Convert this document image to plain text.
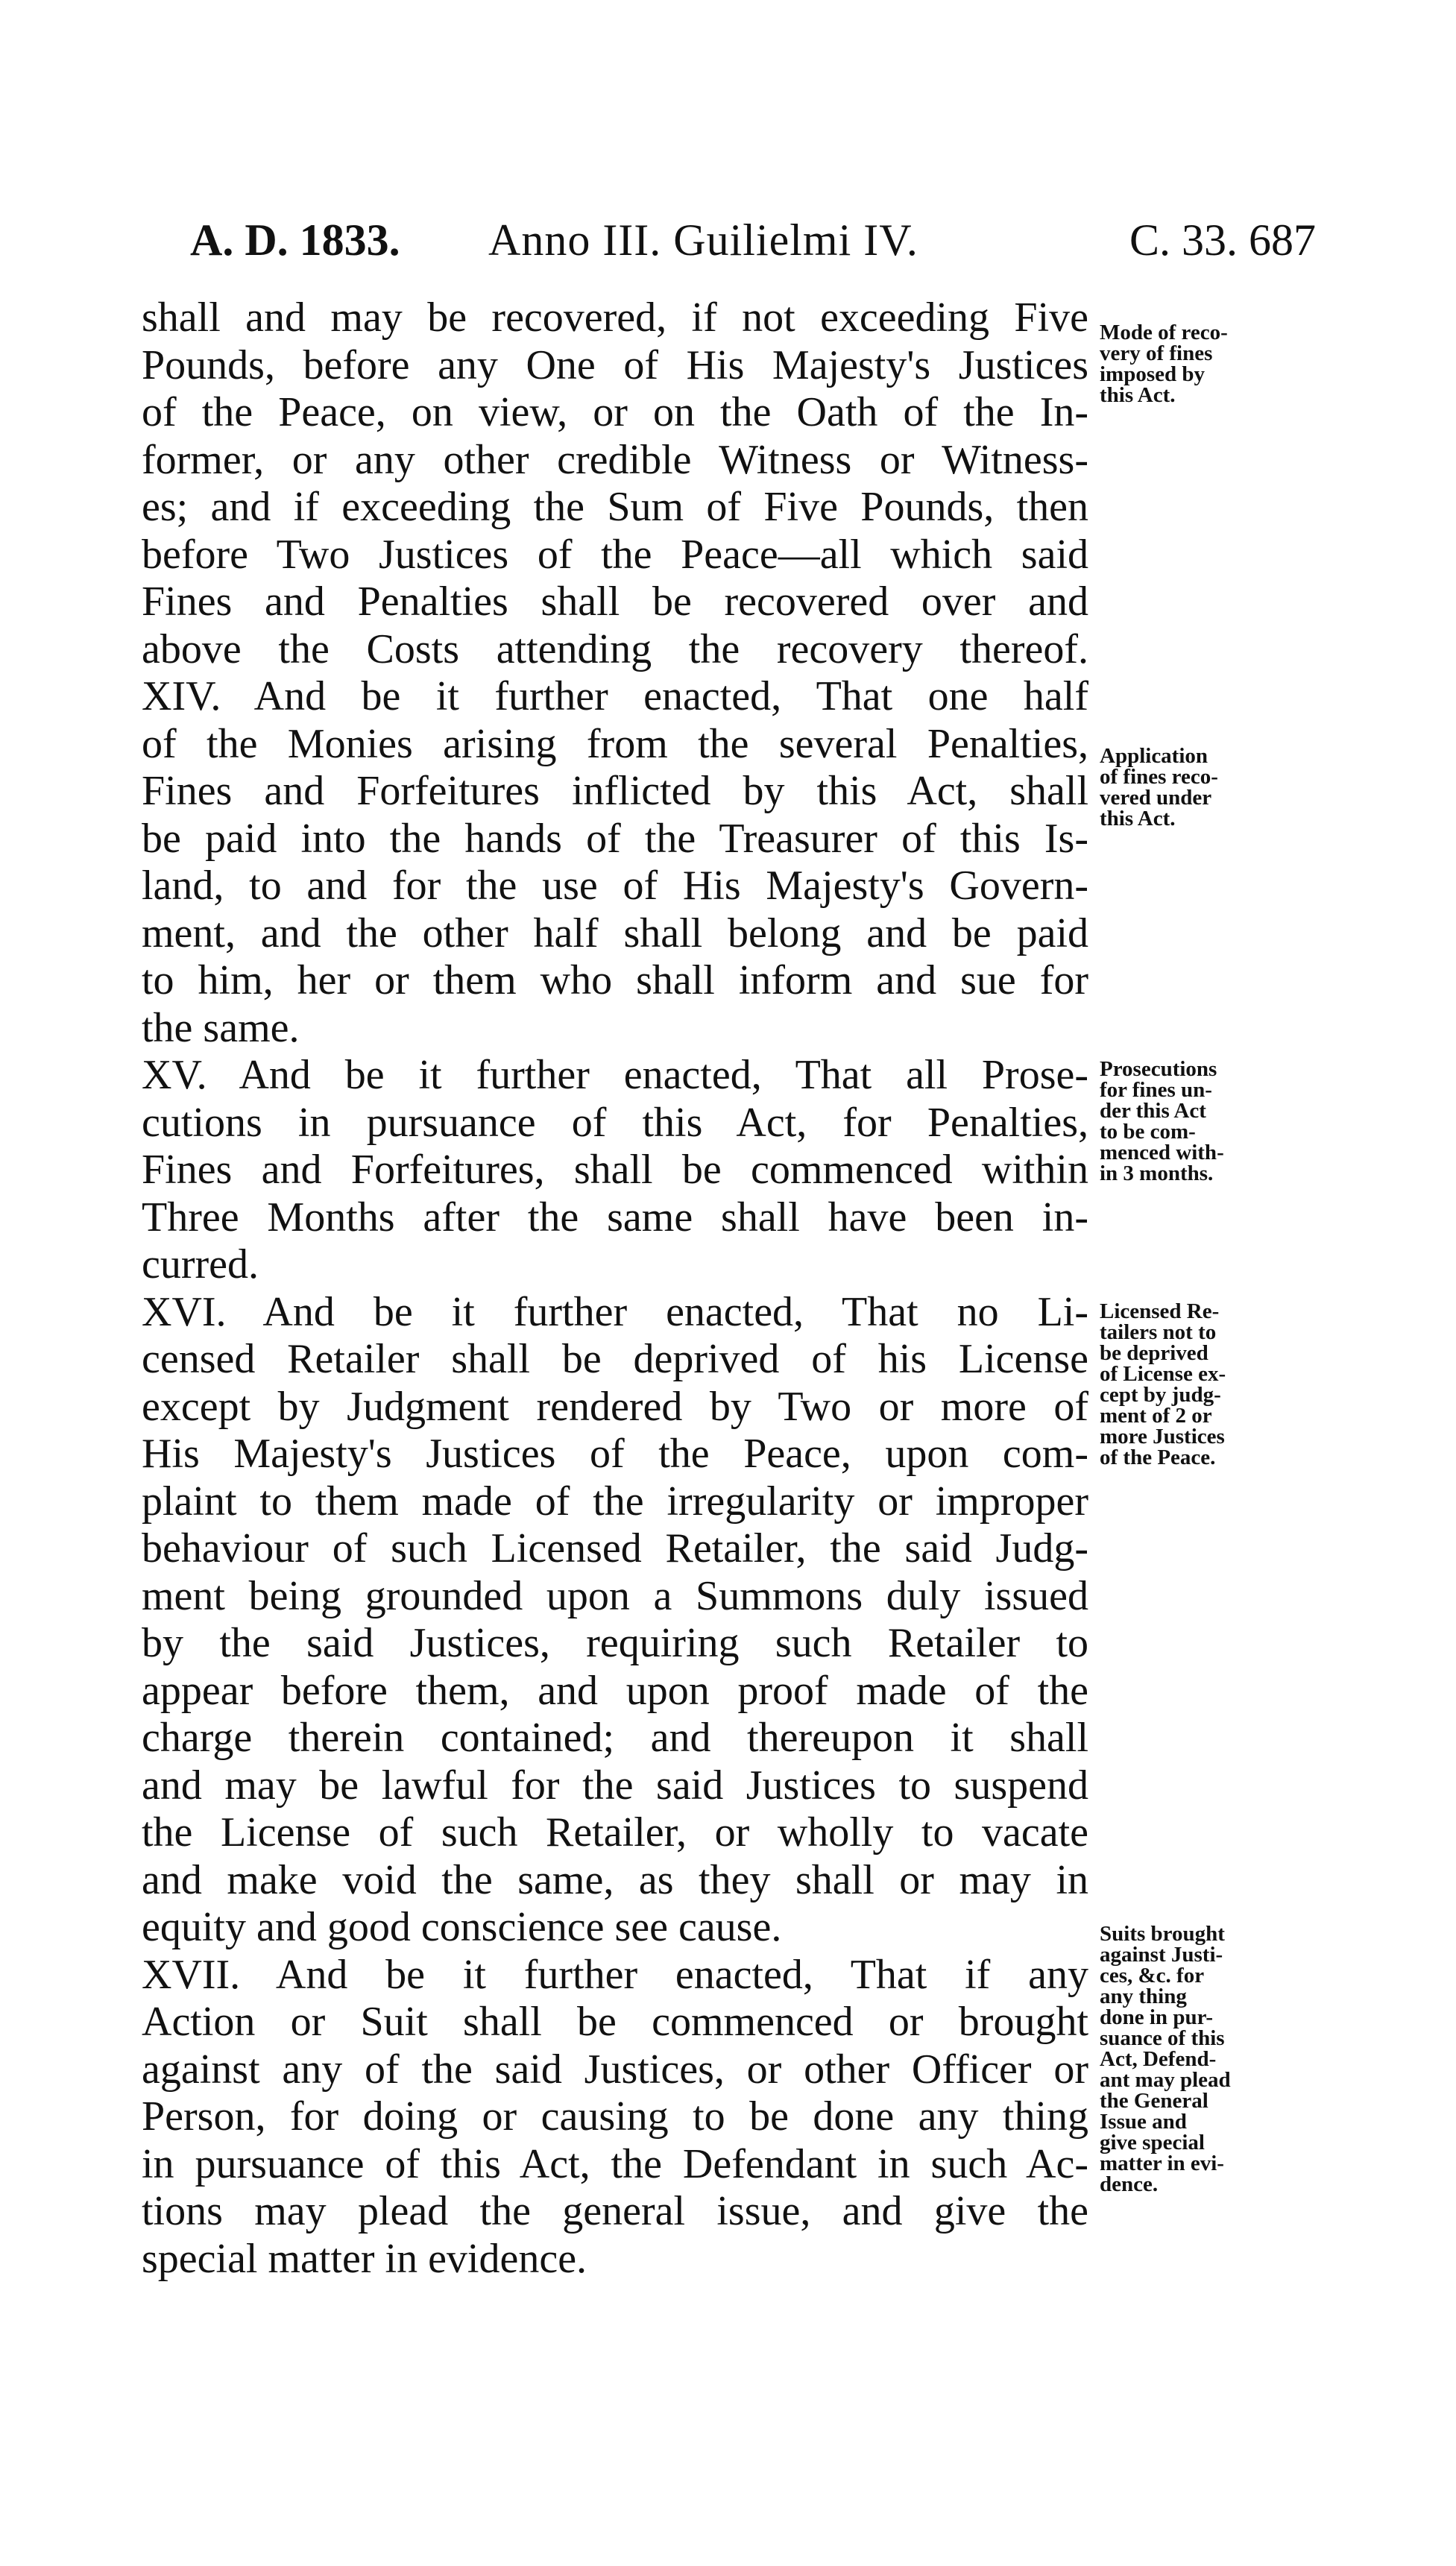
A. D. 1833. Anno III. Guilielmi IV.	C. 33. 687
shall and may be recovered, if not exceeding Five
Pounds, before any One of His Majesty's Justices
of the Peace, on view, or on the Oath of the In-
former, or any other credible Witness or Witness-
es; and if exceeding the Sum of Five Pounds, then
before Two Justices of the Peace—all which said
Fines and Penalties shall be recovered over and
above the Costs attending the recovery thereof.
XIV. And be it further enacted, That one half
of the Monies arising from the several Penalties,
Fines and Forfeitures inflicted by this Act, shall
be paid into the hands of the Treasurer of this Is-
land, to and for the use of His Majesty's Govern-
ment, and the other half shall belong and be paid
to him, her or them who shall inform and sue for
the same.
XV. And be it further enacted, That all Prose-
cutions in pursuance of this Act, for Penalties,
Fines and Forfeitures, shall be commenced within
Three Months after the same shall have been in-
curred.
XVI. And be it further enacted, That no Li-
censed Retailer shall be deprived of his License
except by Judgment rendered by Two or more of
His Majesty's Justices of the Peace, upon com-
plaint to them made of the irregularity or improper
behaviour of such Licensed Retailer, the said Judg-
ment being grounded upon a Summons duly issued
by the said Justices, requiring such Retailer to
appear before them, and upon proof made of the
charge therein contained; and thereupon it shall
and may be lawful for the said Justices to suspend
the License of such Retailer, or wholly to vacate
and make void the same, as they shall or may in
equity and good conscience see cause.
XVII. And be it further enacted, That if any
Action or Suit shall be commenced or brought
against any of the said Justices, or other Officer or
Person, for doing or causing to be done any thing
in pursuance of this Act, the Defendant in such Ac-
tions may plead the general issue, and give the
special matter in evidence.
Mode of reco-
very of fines
imposed by
this Act.
Application
of fines reco-
vered under
this Act.
Prosecutions
for fines un-
der this Act
to be com-
menced with-
in 3 months.
Licensed Re-
tailers not to
be deprived
of License ex-
cept by judg-
ment of 2 or
more Justices
of the Peace.
Suits brought
against Justi-
ces, &c. for
any thing
done in pur-
suance of this
Act, Defend-
ant may plead
the General
Issue and
give special
matter in evi-
dence.
